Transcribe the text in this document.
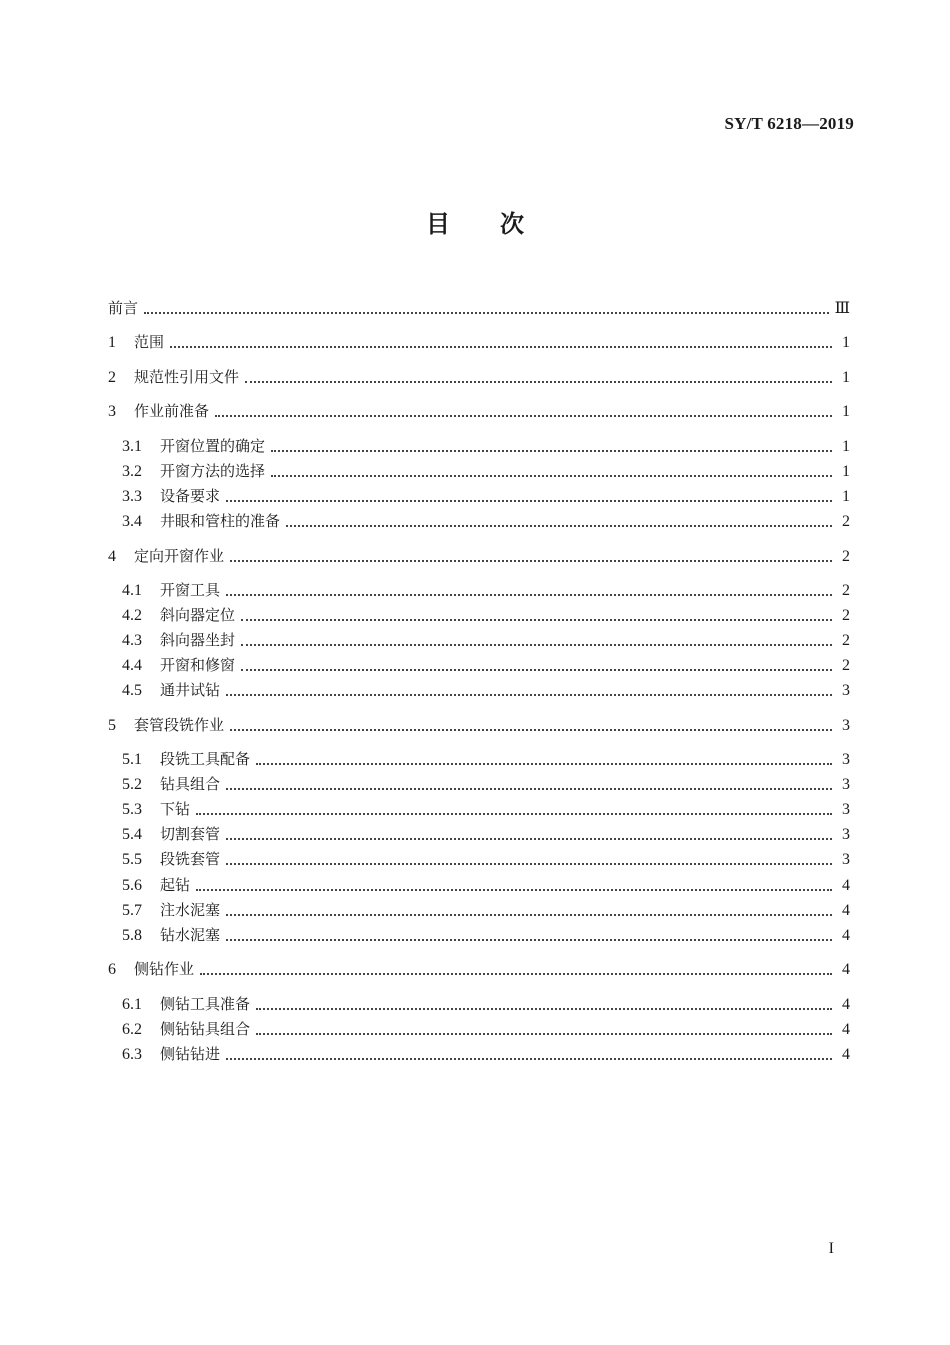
SY/T 6218—2019
目次
前言	Ⅲ
1	范围	1
2	规范性引用文件	1
3	作业前准备	1
3.1	开窗位置的确定	1
3.2	开窗方法的选择	1
3.3	设备要求	1
3.4	井眼和管柱的准备	2
4	定向开窗作业	2
4.1	开窗工具	2
4.2	斜向器定位	2
4.3	斜向器坐封	2
4.4	开窗和修窗	2
4.5	通井试钻	3
5	套管段铣作业	3
5.1	段铣工具配备	3
5.2	钻具组合	3
5.3	下钻	3
5.4	切割套管	3
5.5	段铣套管	3
5.6	起钻	4
5.7	注水泥塞	4
5.8	钻水泥塞	4
6	侧钻作业	4
6.1	侧钻工具准备	4
6.2	侧钻钻具组合	4
6.3	侧钻钻进	4
I
